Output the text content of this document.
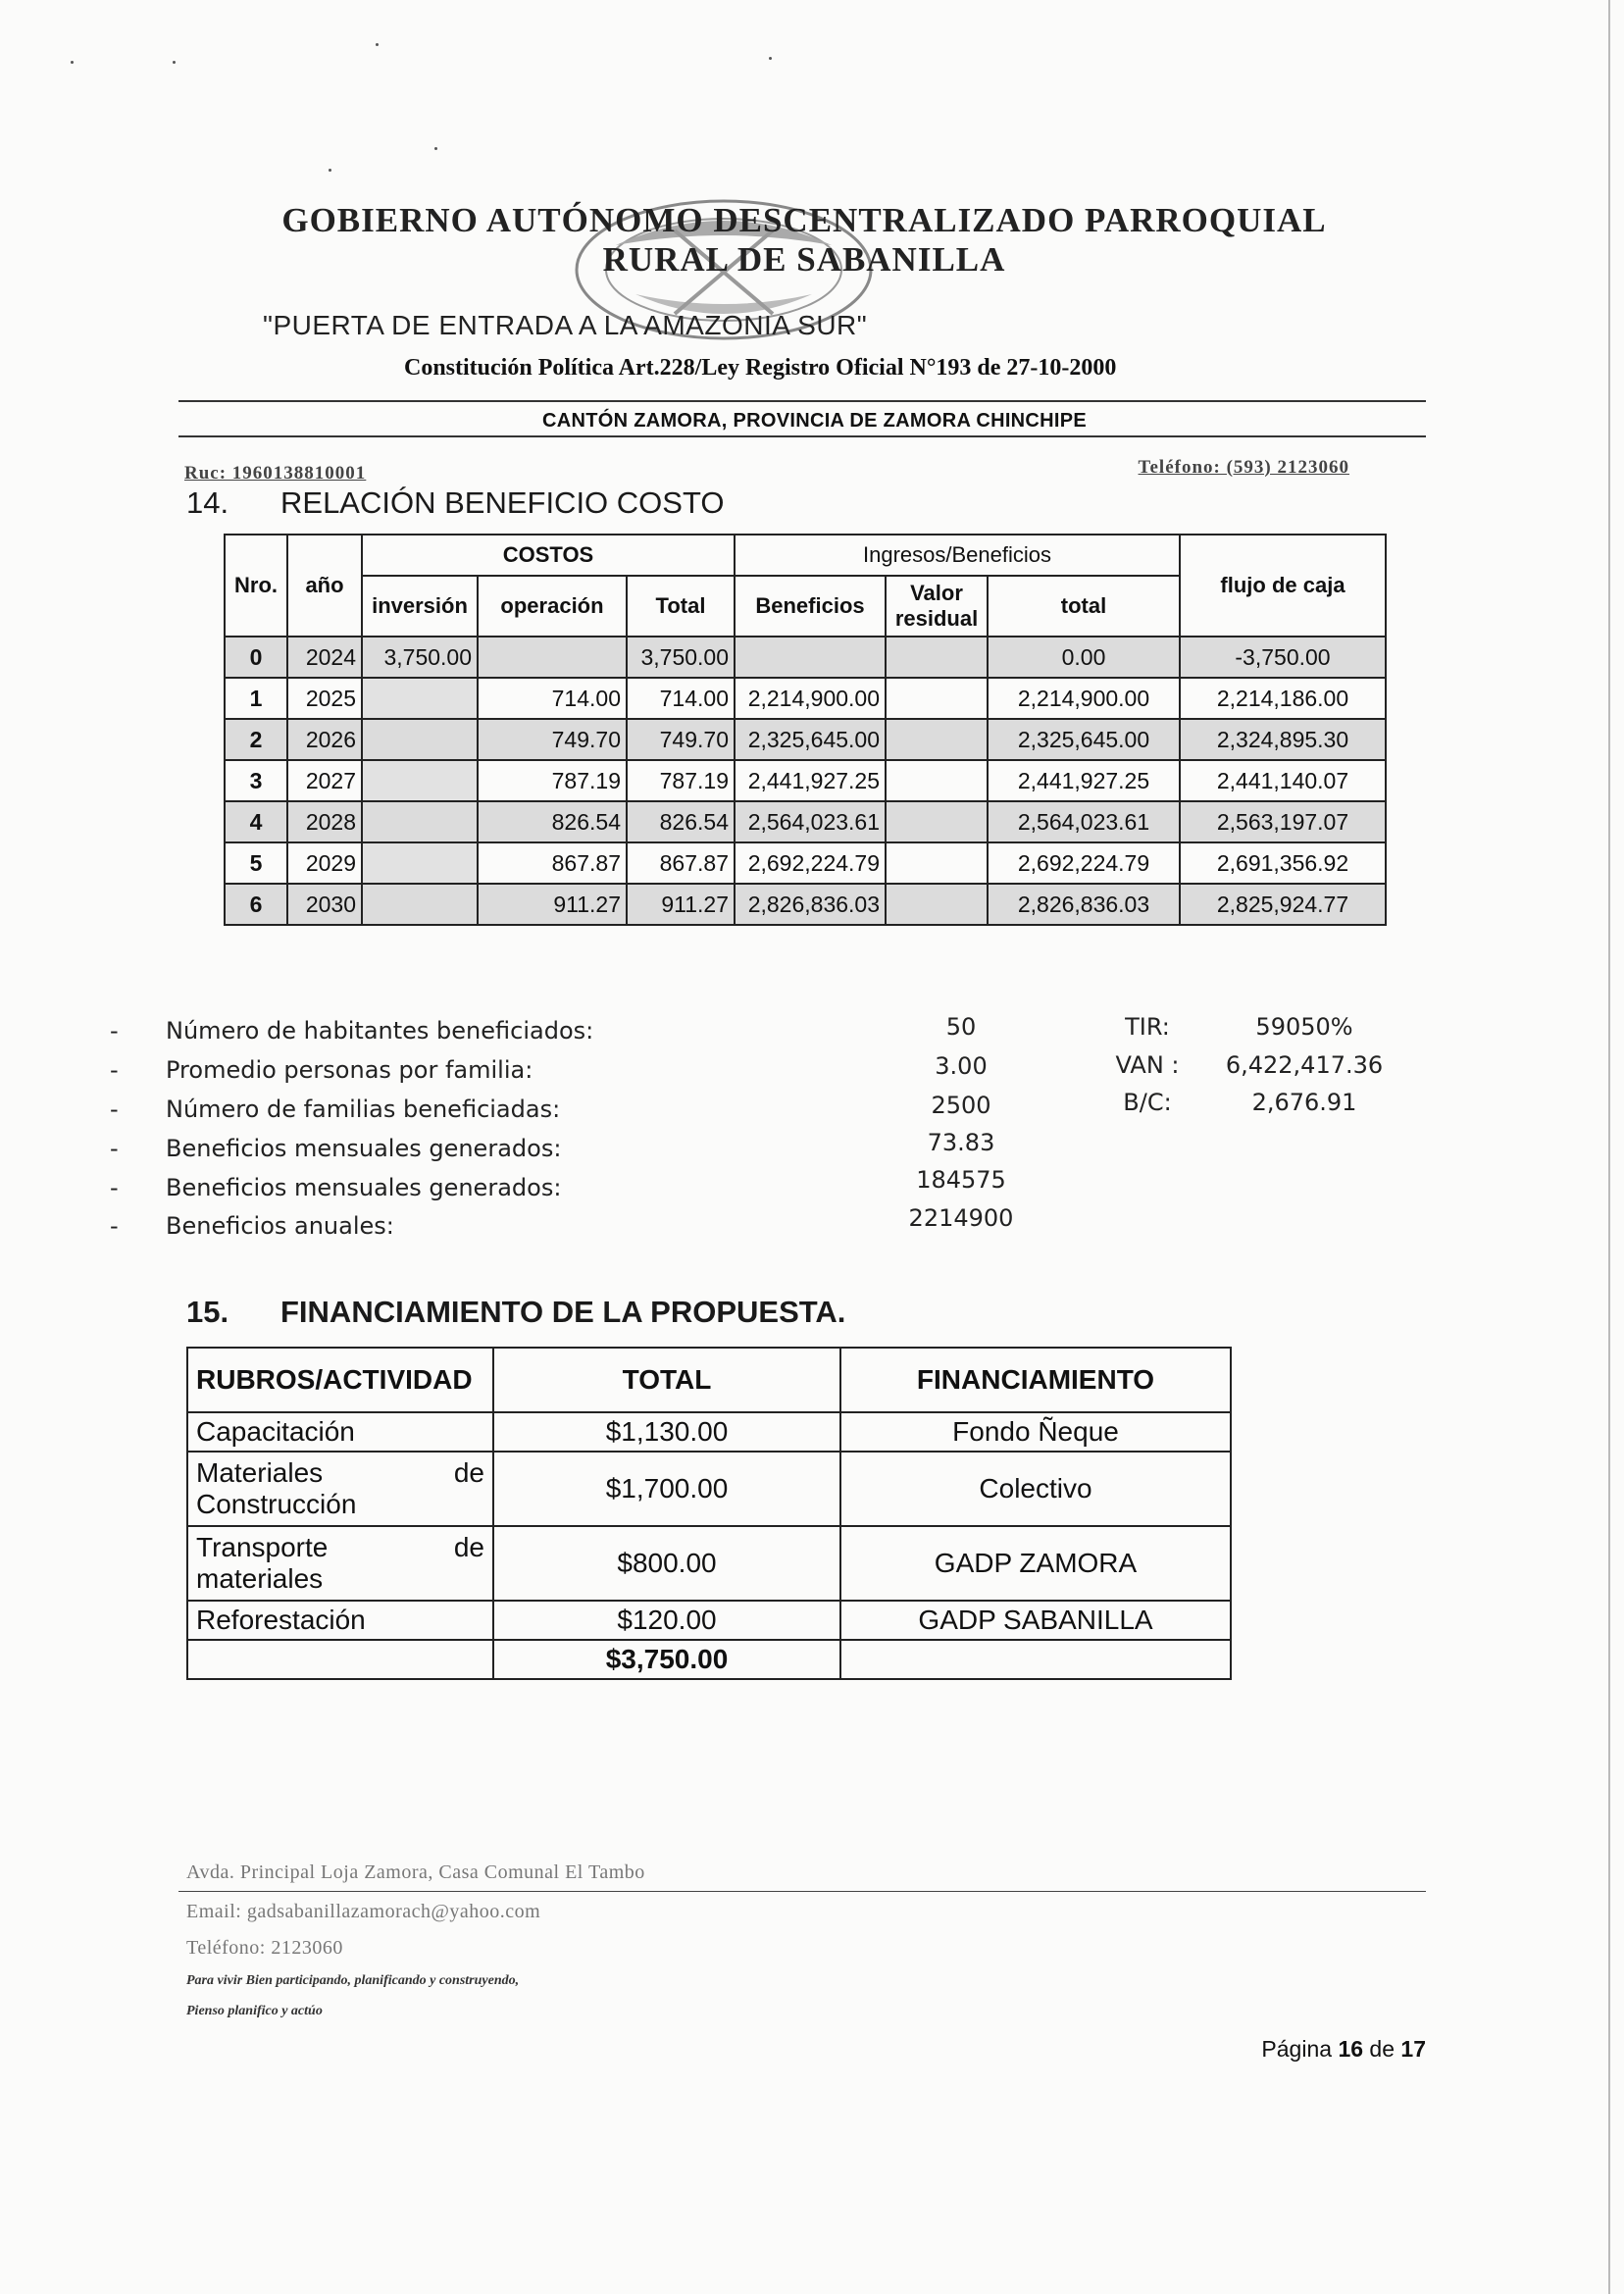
GOBIERNO AUTÓNOMO DESCENTRALIZADO PARROQUIAL
RURAL DE SABANILLA
"PUERTA DE ENTRADA A LA AMAZONIA SUR"
Constitución Política Art.228/Ley Registro Oficial N°193 de 27-10-2000
CANTÓN ZAMORA, PROVINCIA DE ZAMORA CHINCHIPE
Ruc: 1960138810001	Teléfono: (593) 2123060
14. RELACIÓN BENEFICIO COSTO
Nro.	año	COSTOS			Ingresos/Beneficios			flujo de caja
		inversión	operación	Total	Beneficios	Valor residual	total	
0	2024	3,750.00		3,750.00			0.00	-3,750.00
1	2025		714.00	714.00	2,214,900.00		2,214,900.00	2,214,186.00
2	2026		749.70	749.70	2,325,645.00		2,325,645.00	2,324,895.30
3	2027		787.19	787.19	2,441,927.25		2,441,927.25	2,441,140.07
4	2028		826.54	826.54	2,564,023.61		2,564,023.61	2,563,197.07
5	2029		867.87	867.87	2,692,224.79		2,692,224.79	2,691,356.92
6	2030		911.27	911.27	2,826,836.03		2,826,836.03	2,825,924.77
- Número de habitantes beneficiados:	50
- Promedio personas por familia:	3.00
- Número de familias beneficiadas:	2500
- Beneficios mensuales generados:	73.83
- Beneficios mensuales generados:	184575
- Beneficios anuales:	2214900
TIR:	59050%
VAN :	6,422,417.36
B/C:	2,676.91
15. FINANCIAMIENTO DE LA PROPUESTA.
RUBROS/ACTIVIDAD	TOTAL	FINANCIAMIENTO
Capacitación	$1,130.00	Fondo Ñeque

Materiales de
Construcción	$1,700.00	Colectivo

Transporte de
materiales	$800.00	GADP ZAMORA
Reforestación	$120.00	GADP SABANILLA
	$3,750.00	
Avda. Principal Loja Zamora, Casa Comunal El Tambo
Email: gadsabanillazamorach@yahoo.com
Teléfono: 2123060
Para vivir Bien participando, planificando y construyendo,
Pienso planifico y actúo
Página 16 de 17
